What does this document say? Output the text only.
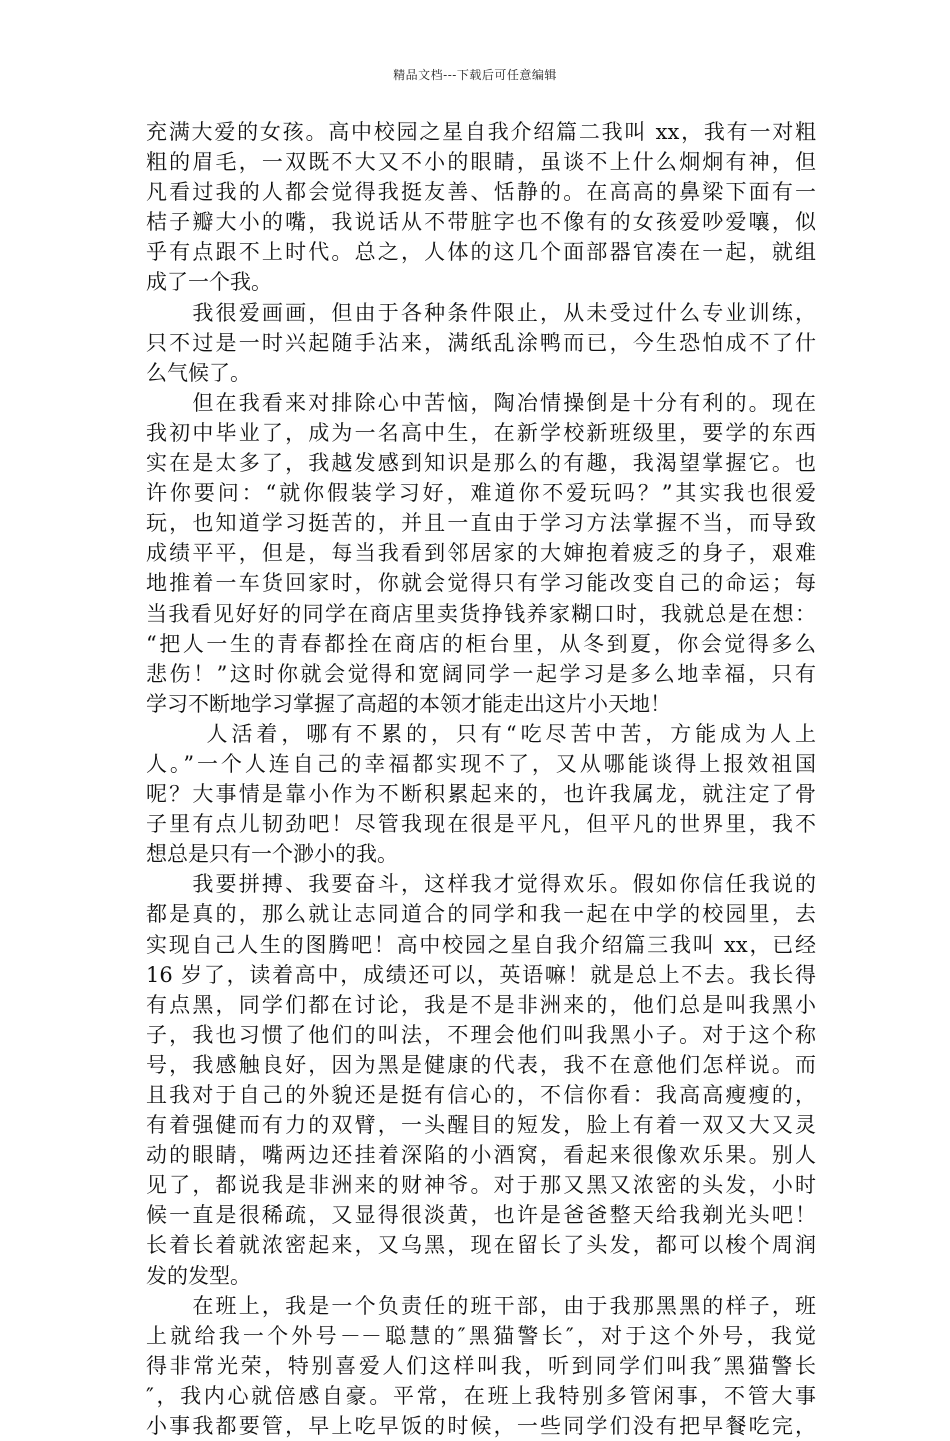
精品文档---下载后可任意编辑
充满大爱的女孩。高中校园之星自我介绍篇二我叫 xx，我有一对粗
粗的眉毛，一双既不大又不小的眼睛，虽谈不上什么炯炯有神，但
凡看过我的人都会觉得我挺友善、恬静的。在高高的鼻梁下面有一
桔子瓣大小的嘴，我说话从不带脏字也不像有的女孩爱吵爱嚷，似
乎有点跟不上时代。总之，人体的这几个面部器官凑在一起，就组
成了一个我。
　　我很爱画画，但由于各种条件限止，从未受过什么专业训练，
只不过是一时兴起随手沾来，满纸乱涂鸭而已，今生恐怕成不了什
么气候了。
　　但在我看来对排除心中苦恼，陶冶情操倒是十分有利的。现在
我初中毕业了，成为一名高中生，在新学校新班级里，要学的东西
实在是太多了，我越发感到知识是那么的有趣，我渴望掌握它。也
许你要问：“就你假装学习好，难道你不爱玩吗？”其实我也很爱
玩，也知道学习挺苦的，并且一直由于学习方法掌握不当，而导致
成绩平平，但是，每当我看到邻居家的大婶抱着疲乏的身子，艰难
地推着一车货回家时，你就会觉得只有学习能改变自己的命运；每
当我看见好好的同学在商店里卖货挣钱养家糊口时，我就总是在想：
“把人一生的青春都拴在商店的柜台里，从冬到夏，你会觉得多么
悲伤！”这时你就会觉得和宽阔同学一起学习是多么地幸福，只有
学习不断地学习掌握了高超的本领才能走出这片小天地！
　　 人活着，哪有不累的，只有“吃尽苦中苦，方能成为人上
人。”一个人连自己的幸福都实现不了，又从哪能谈得上报效祖国
呢？大事情是靠小作为不断积累起来的，也许我属龙，就注定了骨
子里有点儿韧劲吧！尽管我现在很是平凡，但平凡的世界里，我不
想总是只有一个渺小的我。
　　我要拼搏、我要奋斗，这样我才觉得欢乐。假如你信任我说的
都是真的，那么就让志同道合的同学和我一起在中学的校园里，去
实现自己人生的图腾吧！高中校园之星自我介绍篇三我叫 xx，已经
16 岁了，读着高中，成绩还可以，英语嘛！就是总上不去。我长得
有点黑，同学们都在讨论，我是不是非洲来的，他们总是叫我黑小
子，我也习惯了他们的叫法，不理会他们叫我黑小子。对于这个称
号，我感触良好，因为黑是健康的代表，我不在意他们怎样说。而
且我对于自己的外貌还是挺有信心的，不信你看：我高高瘦瘦的，
有着强健而有力的双臂，一头醒目的短发，脸上有着一双又大又灵
动的眼睛，嘴两边还挂着深陷的小酒窝，看起来很像欢乐果。别人
见了，都说我是非洲来的财神爷。对于那又黑又浓密的头发，小时
候一直是很稀疏，又显得很淡黄，也许是爸爸整天给我剃光头吧！
长着长着就浓密起来，又乌黑，现在留长了头发，都可以梭个周润
发的发型。
　　在班上，我是一个负责任的班干部，由于我那黑黑的样子，班
上就给我一个外号－－聪慧的″黑猫警长″，对于这个外号，我觉
得非常光荣，特别喜爱人们这样叫我，听到同学们叫我″黑猫警长
″，我内心就倍感自豪。平常，在班上我特别多管闲事，不管大事
小事我都要管，早上吃早饭的时候，一些同学们没有把早餐吃完，
